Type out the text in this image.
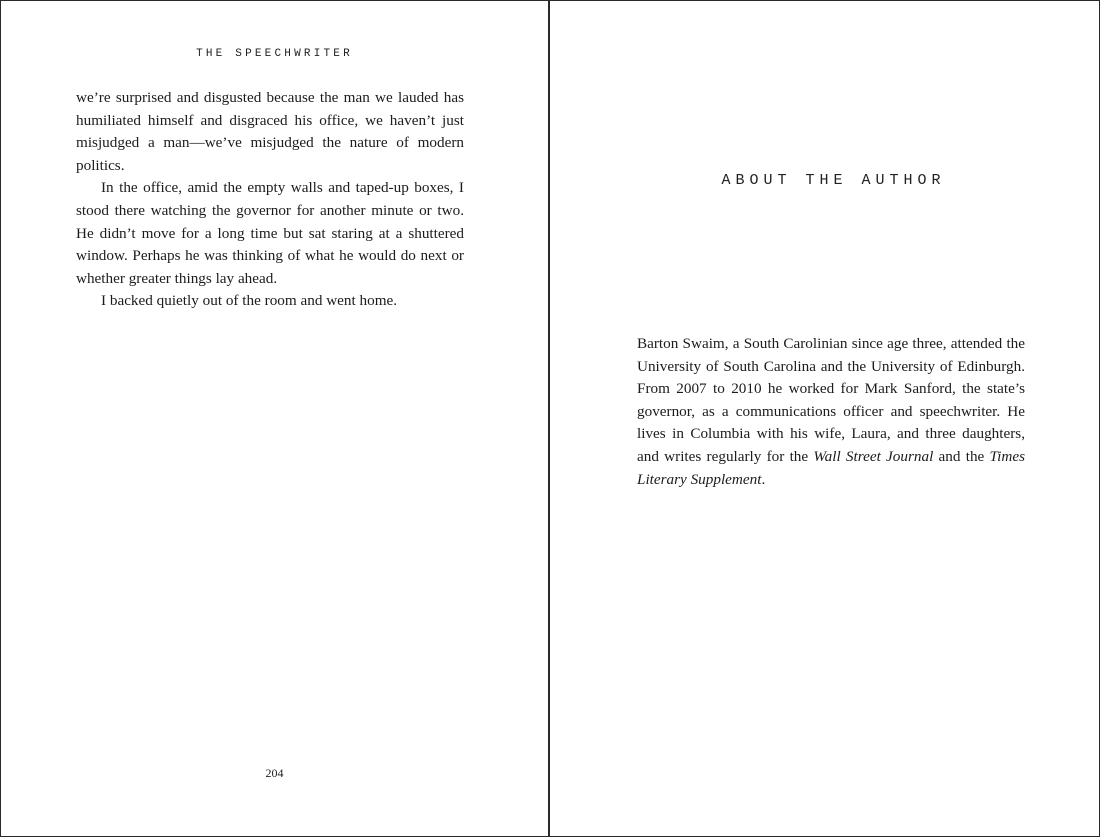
THE SPEECHWRITER

we’re surprised and disgusted because the man we lauded has humiliated himself and disgraced his office, we haven’t just misjudged a man—we’ve misjudged the nature of modern politics.

In the office, amid the empty walls and taped-up boxes, I stood there watching the governor for another minute or two. He didn’t move for a long time but sat staring at a shuttered window. Perhaps he was thinking of what he would do next or whether greater things lay ahead.

I backed quietly out of the room and went home.

204
ABOUT THE AUTHOR

Barton Swaim, a South Carolinian since age three, attended the University of South Carolina and the University of Edinburgh. From 2007 to 2010 he worked for Mark Sanford, the state’s governor, as a communications officer and speechwriter. He lives in Columbia with his wife, Laura, and three daughters, and writes regularly for the Wall Street Journal and the Times Literary Supplement.
